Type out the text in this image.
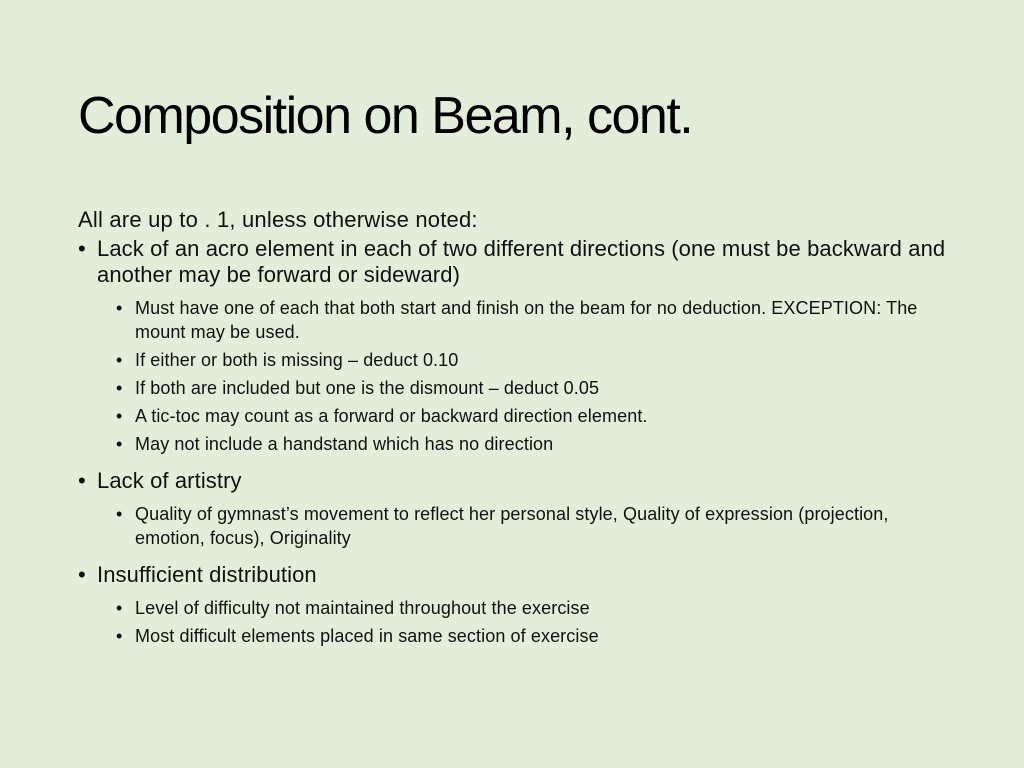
Composition on Beam, cont.

All are up to . 1, unless otherwise noted:

• Lack of an acro element in each of two different directions (one must be backward and another may be forward or sideward)
• Must have one of each that both start and finish on the beam for no deduction. EXCEPTION: The mount may be used.
• If either or both is missing – deduct 0.10
• If both are included but one is the dismount – deduct 0.05
• A tic-toc may count as a forward or backward direction element.
• May not include a handstand which has no direction
• Lack of artistry
• Quality of gymnast’s movement to reflect her personal style, Quality of expression (projection, emotion, focus), Originality
• Insufficient distribution
• Level of difficulty not maintained throughout the exercise
• Most difficult elements placed in same section of exercise
